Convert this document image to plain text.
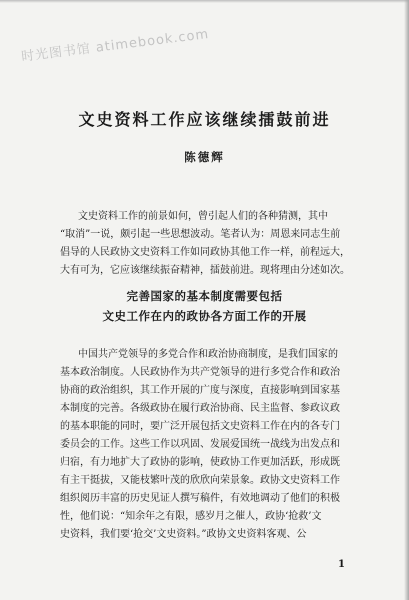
时光图书馆 atimebook.com
文史资料工作应该继续擂鼓前进
陈德辉
文史资料工作的前景如何，曾引起人们的各种猜测，其中
“取消”一说，颇引起一些思想波动。笔者认为：周恩来同志生前
倡导的人民政协文史资料工作如同政协其他工作一样，前程远大，
大有可为，它应该继续振奋精神，擂鼓前进。现将理由分述如次。
完善国家的基本制度需要包括
文史工作在内的政协各方面工作的开展
中国共产党领导的多党合作和政治协商制度，是我们国家的
基本政治制度。人民政协作为共产党领导的进行多党合作和政治
协商的政治组织，其工作开展的广度与深度，直接影响到国家基
本制度的完善。各级政协在履行政治协商、民主监督、参政议政
的基本职能的同时，要广泛开展包括文史资料工作在内的各专门
委员会的工作。这些工作以巩固、发展爱国统一战线为出发点和
归宿，有力地扩大了政协的影响，使政协工作更加活跃，形成既
有主干挺拔，又能枝繁叶茂的欣欣向荣景象。政协文史资料工作
组织阅历丰富的历史见证人撰写稿件，有效地调动了他们的积极
性，他们说：“知余年之有限，感岁月之催人，政协‘抢救’文
史资料，我们要‘抢交’文史资料。”政协文史资料客观、公
1
